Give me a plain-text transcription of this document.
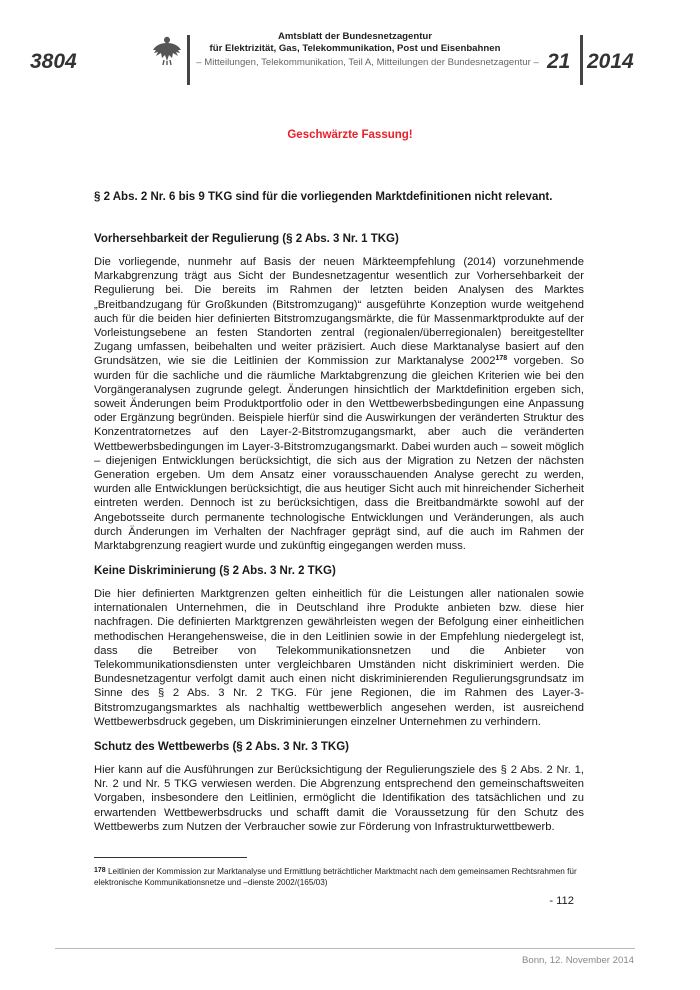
3804
Amtsblatt der Bundesnetzagentur
für Elektrizität, Gas, Telekommunikation, Post und Eisenbahnen
– Mitteilungen, Telekommunikation, Teil A, Mitteilungen der Bundesnetzagentur – 21 2014
Geschwärzte Fassung!
§ 2 Abs. 2 Nr. 6 bis 9 TKG sind für die vorliegenden Marktdefinitionen nicht relevant.
Vorhersehbarkeit der Regulierung (§ 2 Abs. 3 Nr. 1 TKG)
Die vorliegende, nunmehr auf Basis der neuen Märkteempfehlung (2014) vorzunehmende Markabgrenzung trägt aus Sicht der Bundesnetzagentur wesentlich zur Vorhersehbarkeit der Regulierung bei. Die bereits im Rahmen der letzten beiden Analysen des Marktes „Breitbandzugang für Großkunden (Bitstromzugang)“ ausgeführte Konzeption wurde weitgehend auch für die beiden hier definierten Bitstromzugangsmärkte, die für Massenmarktprodukte auf der Vorleistungsebene an festen Standorten zentral (regionalen/überregionalen) bereitgestellter Zugang umfassen, beibehalten und weiter präzisiert. Auch diese Marktanalyse basiert auf den Grundsätzen, wie sie die Leitlinien der Kommission zur Marktanalyse 2002$^{178}$ vorgeben. So wurden für die sachliche und die räumliche Marktabgrenzung die gleichen Kriterien wie bei den Vorgängeranalysen zugrunde gelegt. Änderungen hinsichtlich der Marktdefinition ergeben sich, soweit Änderungen beim Produktportfolio oder in den Wettbewerbsbedingungen eine Anpassung oder Ergänzung begründen. Beispiele hierfür sind die Auswirkungen der veränderten Struktur des Konzentratornetzes auf den Layer-2-Bitstromzugangsmarkt, aber auch die veränderten Wettbewerbsbedingungen im Layer-3-Bitstromzugangsmarkt. Dabei wurden auch – soweit möglich – diejenigen Entwicklungen berücksichtigt, die sich aus der Migration zu Netzen der nächsten Generation ergeben. Um dem Ansatz einer vorausschauenden Analyse gerecht zu werden, wurden alle Entwicklungen berücksichtigt, die aus heutiger Sicht auch mit hinreichender Sicherheit eintreten werden. Dennoch ist zu berücksichtigen, dass die Breitbandmärkte sowohl auf der Angebotsseite durch permanente technologische Entwicklungen und Veränderungen, als auch durch Änderungen im Verhalten der Nachfrager geprägt sind, auf die auch im Rahmen der Marktabgrenzung reagiert wurde und zukünftig eingegangen werden muss.
Keine Diskriminierung (§ 2 Abs. 3 Nr. 2 TKG)
Die hier definierten Marktgrenzen gelten einheitlich für die Leistungen aller nationalen sowie internationalen Unternehmen, die in Deutschland ihre Produkte anbieten bzw. diese hier nachfragen. Die definierten Marktgrenzen gewährleisten wegen der Befolgung einer einheitlichen methodischen Herangehensweise, die in den Leitlinien sowie in der Empfehlung niedergelegt ist, dass die Betreiber von Telekommunikationsnetzen und die Anbieter von Telekommunikationsdiensten unter vergleichbaren Umständen nicht diskriminiert werden. Die Bundesnetzagentur verfolgt damit auch einen nicht diskriminierenden Regulierungsgrundsatz im Sinne des § 2 Abs. 3 Nr. 2 TKG. Für jene Regionen, die im Rahmen des Layer-3-Bitstromzugangsmarktes als nachhaltig wettbewerblich angesehen werden, ist ausreichend Wettbewerbsdruck gegeben, um Diskriminierungen einzelner Unternehmen zu verhindern.
Schutz des Wettbewerbs (§ 2 Abs. 3 Nr. 3 TKG)
Hier kann auf die Ausführungen zur Berücksichtigung der Regulierungsziele des § 2 Abs. 2 Nr. 1, Nr. 2 und Nr. 5 TKG verwiesen werden. Die Abgrenzung entsprechend den gemeinschaftsweiten Vorgaben, insbesondere den Leitlinien, ermöglicht die Identifikation des tatsächlichen und zu erwartenden Wettbewerbsdrucks und schafft damit die Voraussetzung für den Schutz des Wettbewerbs zum Nutzen der Verbraucher sowie zur Förderung von Infrastrukturwettbewerb.
$^{178}$ Leitlinien der Kommission zur Marktanalyse und Ermittlung beträchtlicher Marktmacht nach dem gemeinsamen Rechtsrahmen für elektronische Kommunikationsnetze und –dienste 2002/(165/03)
- 112
Bonn, 12. November 2014
